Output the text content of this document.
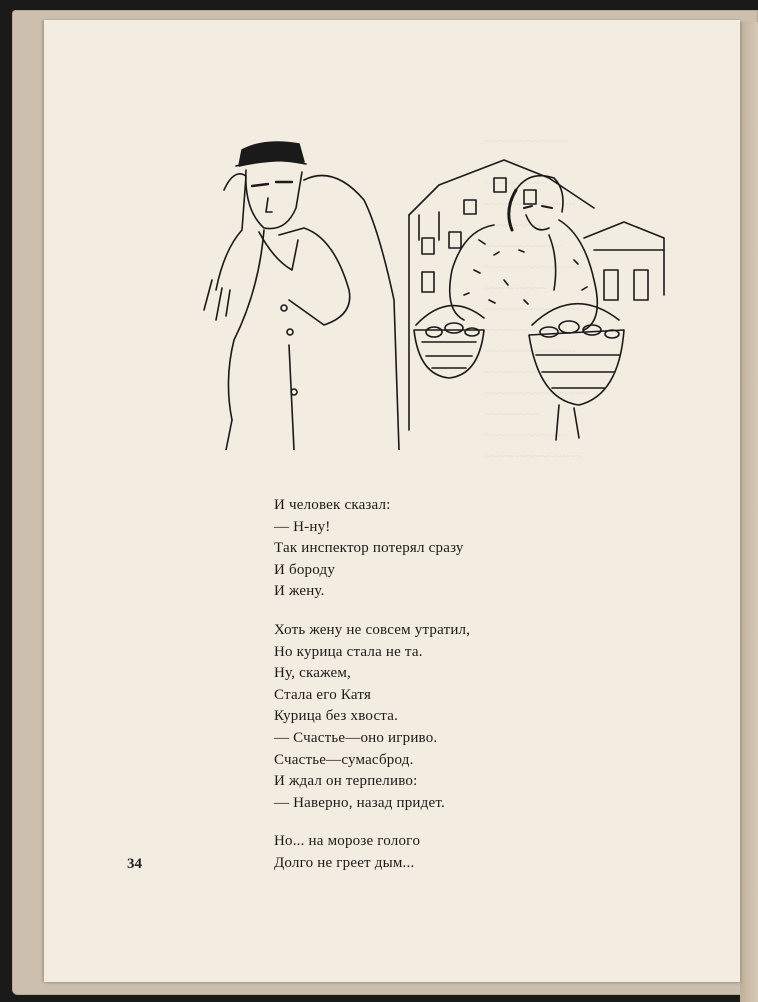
~~~~~~~~~~~~
~~~~~~
~~~~~~~~~
~~~~~~~~~~~~~
~~~~~~~~
~~~~~~~~~~~
~~~~~~~~~~~~~~
~~~~~~~~~
~~~~~~~~~~~~~~
~~~~~~~~~~~
~~~~~~~~~~~~~
~~~~~~~~~~~
~~~~~~~~~~~~~~~
~~~~~~~~
~~~~~~~~~~~~
~~~~~~~~~~~~~~
И человек сказал:
— Н-ну!
Так инспектор потерял сразу
И бороду
И жену.
Хоть жену не совсем утратил,
Но курица стала не та.
Ну, скажем,
Стала его Катя
Курица без хвоста.
— Счастье—оно игриво.
Счастье—сумасброд.
И ждал он терпеливо:
— Наверно, назад придет.
Но... на морозе гологo
Долго не греет дым...
34
